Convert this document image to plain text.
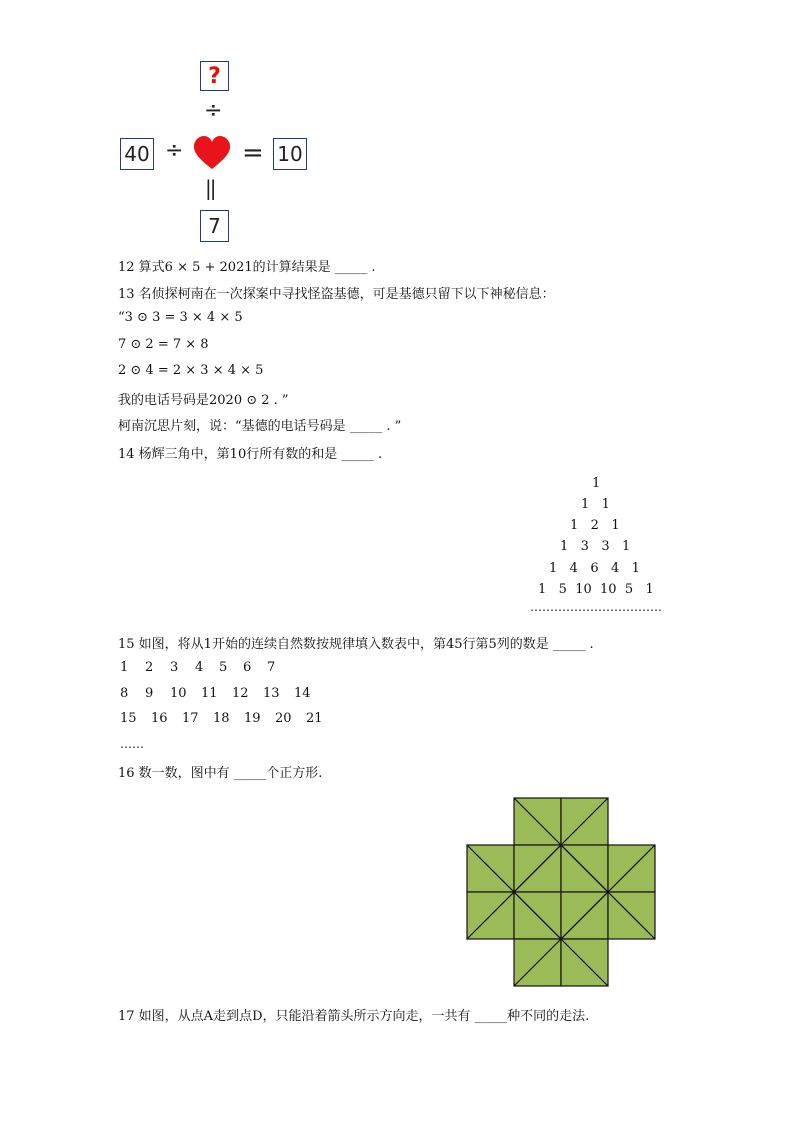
?
÷
40 ÷ = 10
||
7
12 算式6 × 5 + 2021的计算结果是 _____ .
13 名侦探柯南在一次探案中寻找怪盗基德，可是基德只留下以下神秘信息：
“3 ⊙ 3 = 3 × 4 × 5
7 ⊙ 2 = 7 × 8
2 ⊙ 4 = 2 × 3 × 4 × 5
我的电话号码是2020 ⊙ 2 . ”
柯南沉思片刻，说：“基德的电话号码是 _____ . ”
14 杨辉三角中，第10行所有数的和是 _____ .
1
1   1
1   2   1
1   3   3   1
1   4   6   4   1
1   5  10  10  5   1
……………………………
15 如图，将从1开始的连续自然数按规律填入数表中，第45行第5列的数是 _____ .
1 2 3 4 5 6 7
8 9 10 11 12 13 14
15 16 17 18 19 20 21
……
16 数一数，图中有 _____个正方形.
17 如图，从点A走到点D，只能沿着箭头所示方向走，一共有 _____种不同的走法.
